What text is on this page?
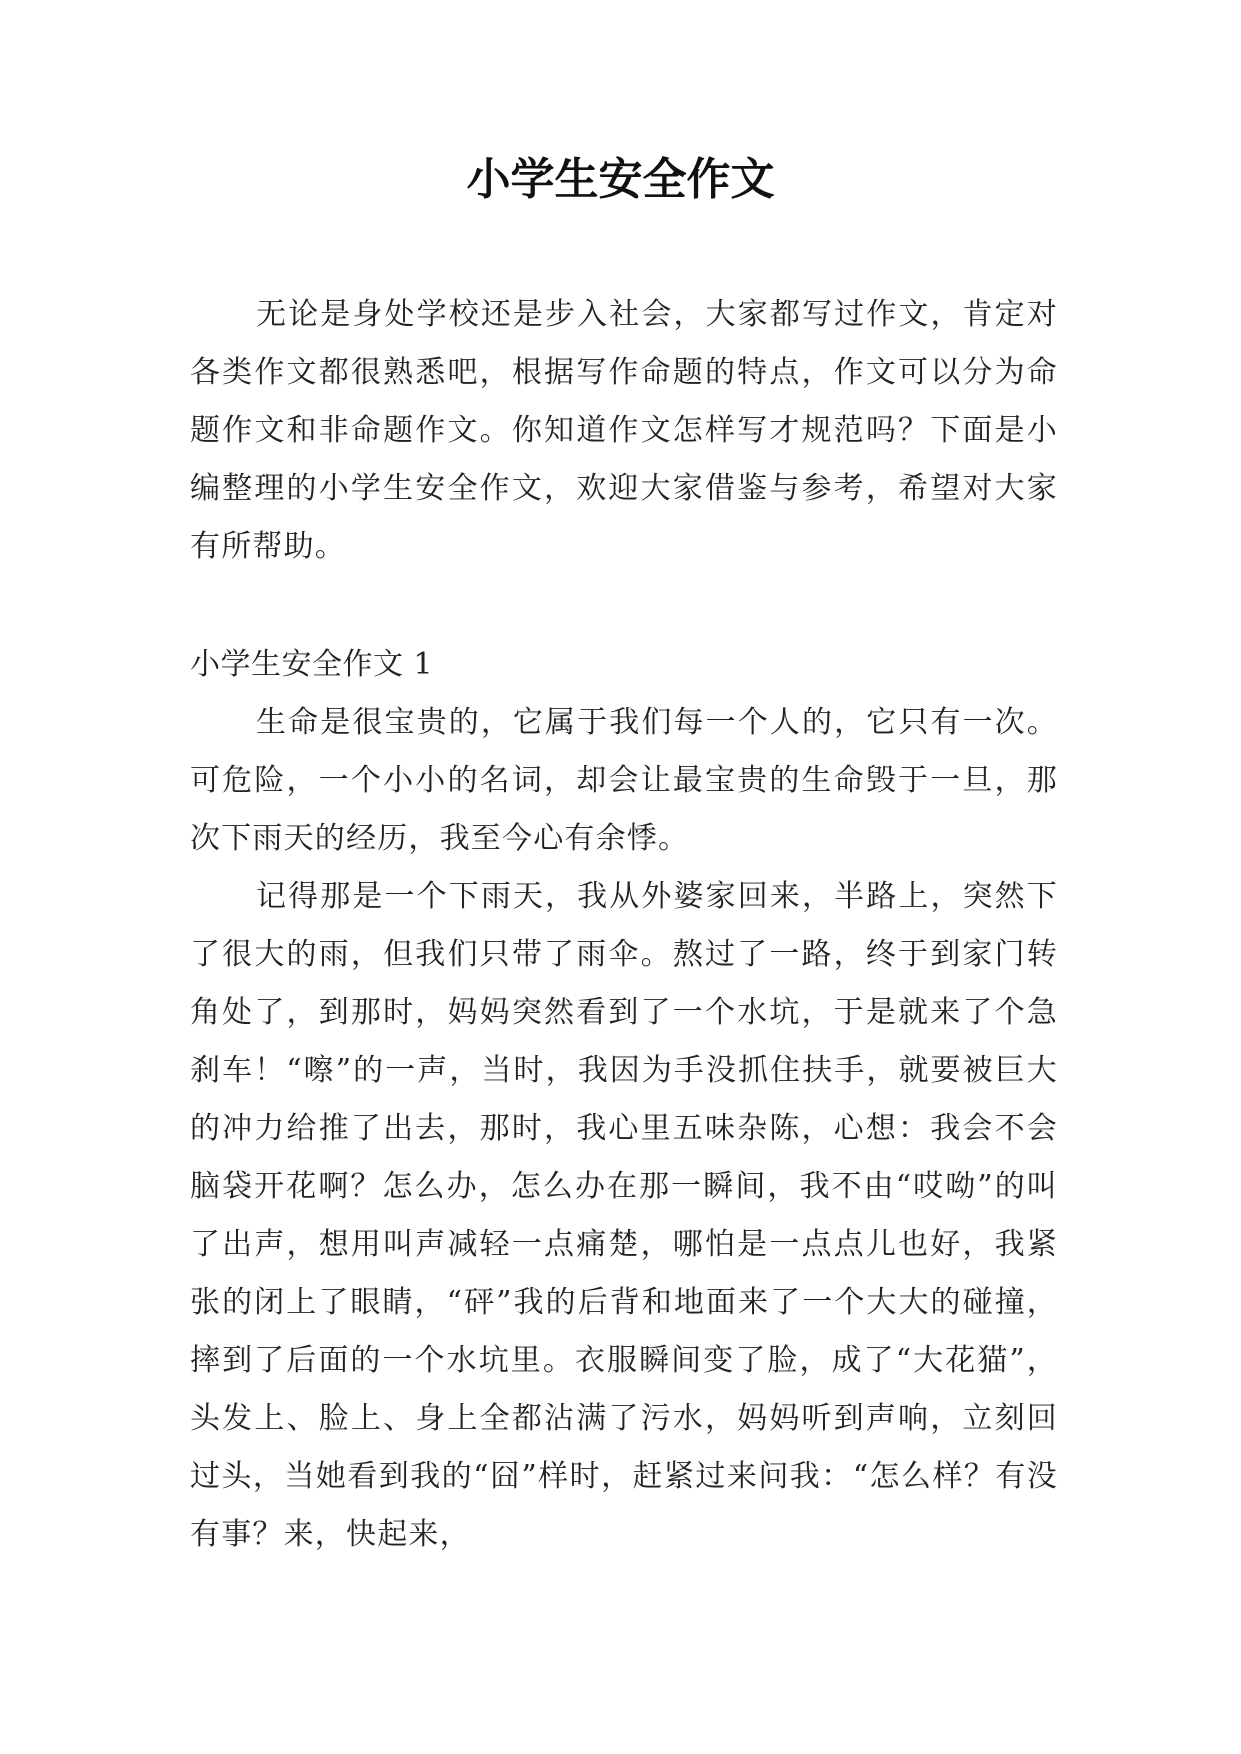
小学生安全作文

无论是身处学校还是步入社会，大家都写过作文，肯定对各类作文都很熟悉吧，根据写作命题的特点，作文可以分为命题作文和非命题作文。你知道作文怎样写才规范吗？下面是小编整理的小学生安全作文，欢迎大家借鉴与参考，希望对大家有所帮助。

小学生安全作文 1

生命是很宝贵的，它属于我们每一个人的，它只有一次。可危险，一个小小的名词，却会让最宝贵的生命毁于一旦，那次下雨天的经历，我至今心有余悸。

记得那是一个下雨天，我从外婆家回来，半路上，突然下了很大的雨，但我们只带了雨伞。熬过了一路，终于到家门转角处了，到那时，妈妈突然看到了一个水坑，于是就来了个急刹车！“嚓”的一声，当时，我因为手没抓住扶手，就要被巨大的冲力给推了出去，那时，我心里五味杂陈，心想：我会不会脑袋开花啊？怎么办，怎么办在那一瞬间，我不由“哎呦”的叫了出声，想用叫声减轻一点痛楚，哪怕是一点点儿也好，我紧张的闭上了眼睛，“砰”我的后背和地面来了一个大大的碰撞，摔到了后面的一个水坑里。衣服瞬间变了脸，成了“大花猫”，头发上、脸上、身上全都沾满了污水，妈妈听到声响，立刻回过头，当她看到我的“囧”样时，赶紧过来问我：“怎么样？有没有事？来，快起来，
